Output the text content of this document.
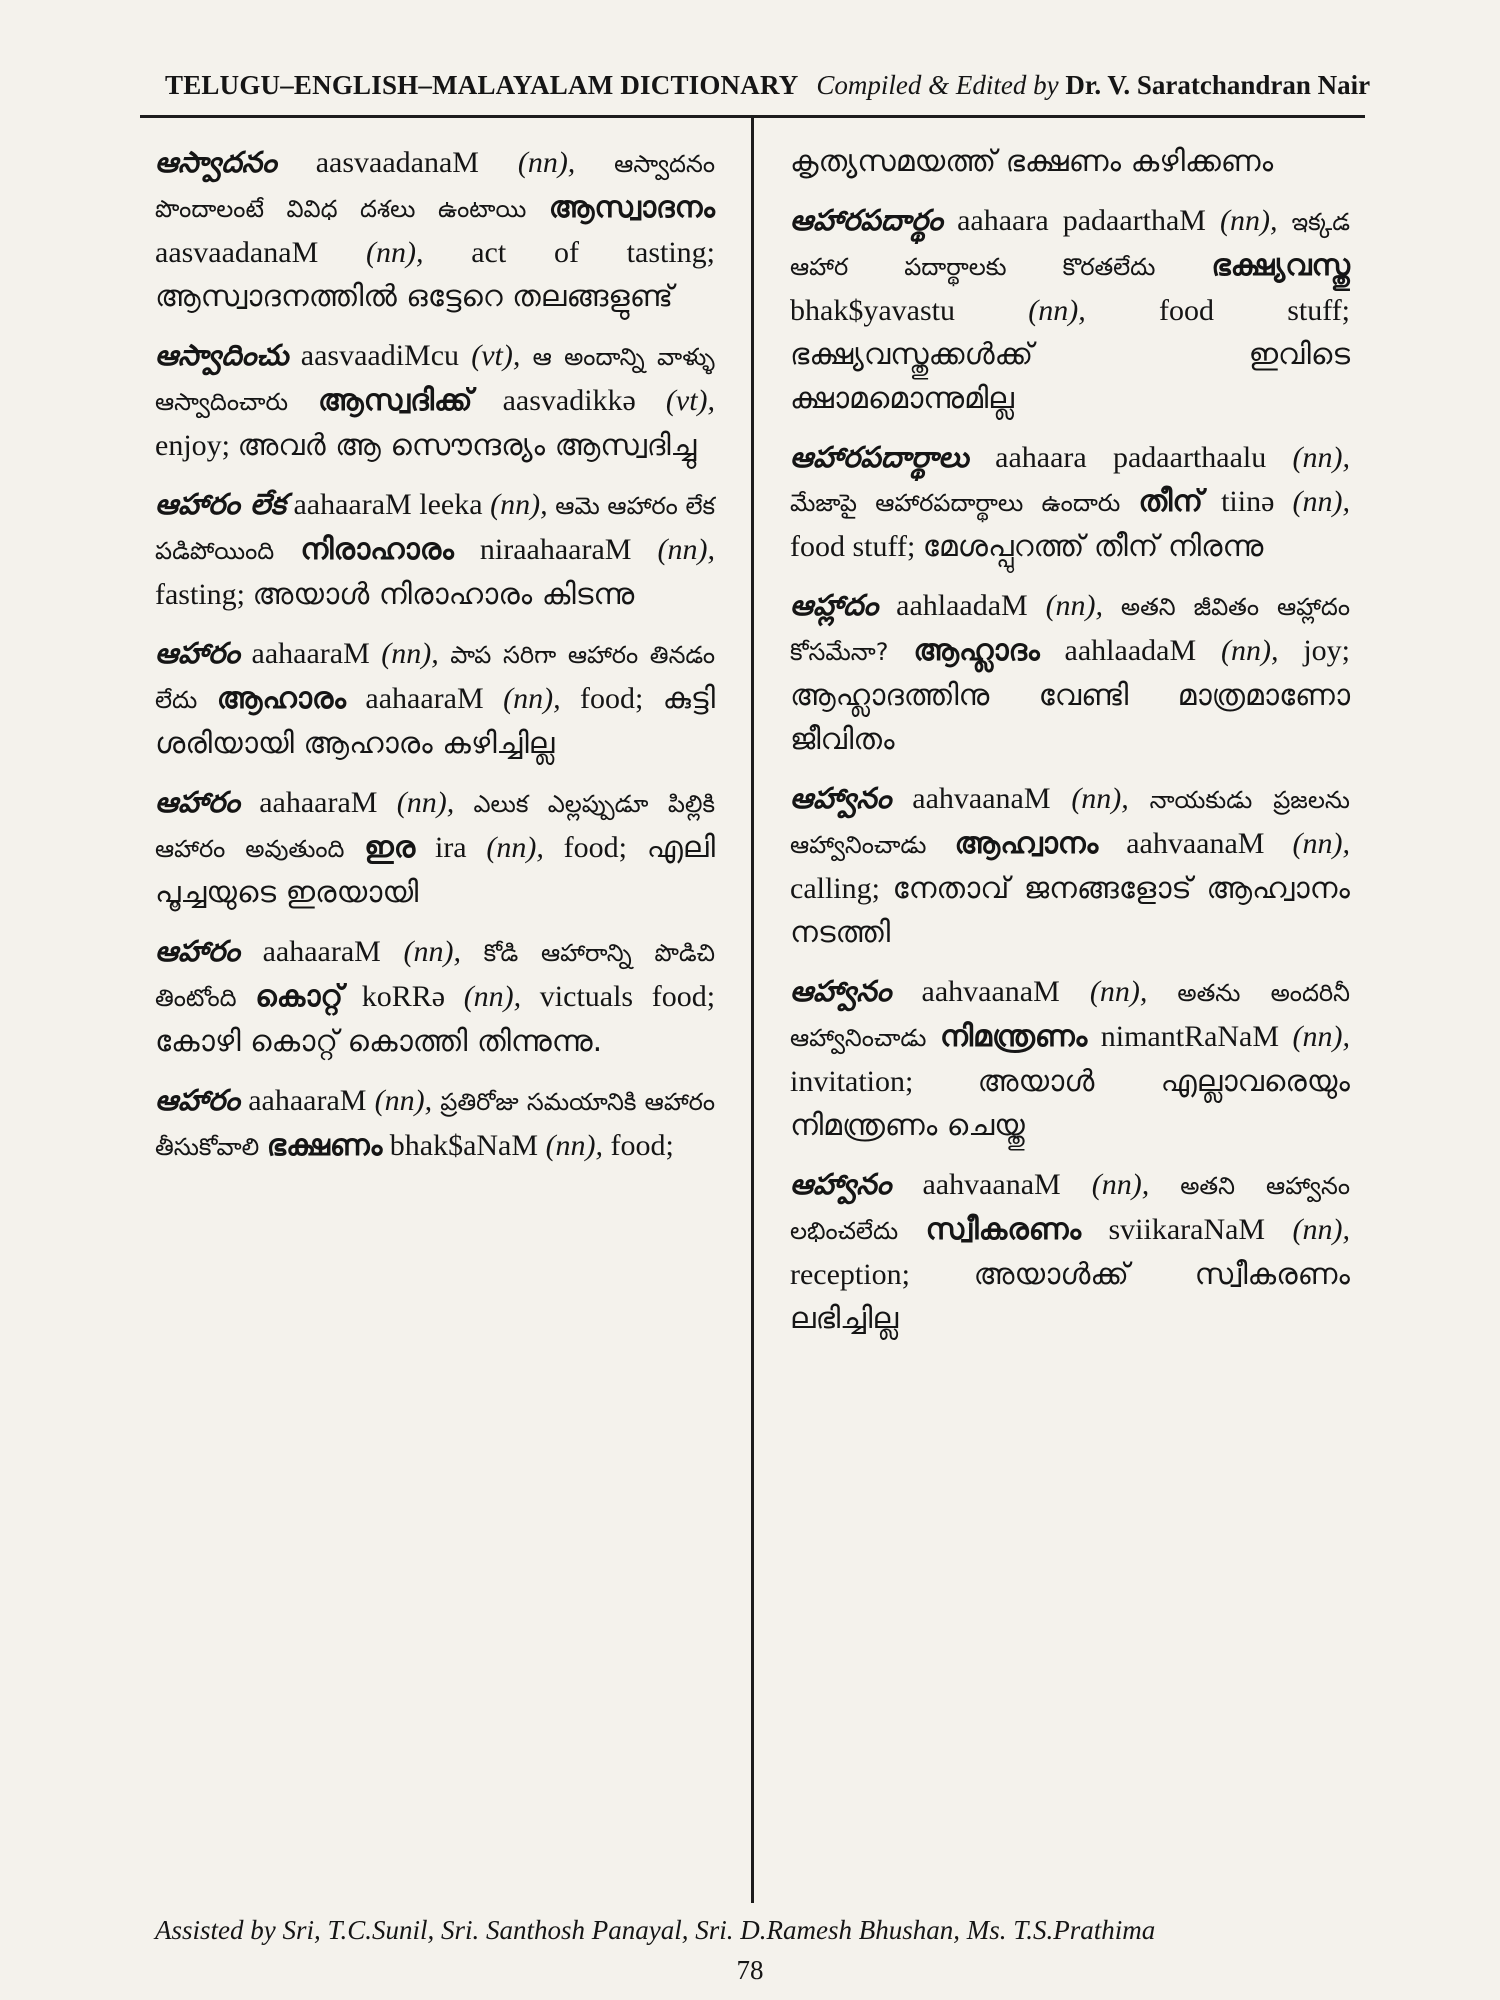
TELUGU–ENGLISH–MALAYALAM DICTIONARY Compiled & Edited by Dr. V. Saratchandran Nair
ఆస్వాదనం aasvaadanaM (nn), ఆస్వాదనం పొందాలంటే వివిధ దశలు ఉంటాయి ആസ്വാദനം aasvaadanaM (nn), act of tasting; ആസ്വാദനത്തിൽ ഒട്ടേറെ തലങ്ങളുണ്ട്
ఆస్వాదించు aasvaadiMcu (vt), ఆ అందాన్ని వాళ్ళు ఆస్వాదించారు ആസ്വദിക്ക് aasvadikkə (vt), enjoy; അവർ ആ സൌന്ദര്യം ആസ്വദിച്ചു
ఆహారం లేక aahaaraM leeka (nn), ఆమె ఆహారం లేక పడిపోయింది നിരാഹാരം niraahaaraM (nn), fasting; അയാൾ നിരാഹാരം കിടന്നു
ఆహారం aahaaraM (nn), పాప సరిగా ఆహారం తినడం లేదు ആഹാരം aahaaraM (nn), food; കുട്ടി ശരിയായി ആഹാരം കഴിച്ചില്ല
ఆహారం aahaaraM (nn), ఎలుక ఎల్లప్పుడూ పిల్లికి ఆహారం అవుతుంది ഇര ira (nn), food; എലി പൂച്ചയുടെ ഇരയായി
ఆహారం aahaaraM (nn), కోడి ఆహారాన్ని పొడిచి తింటోంది കൊറ്റ് koRRə (nn), victuals food; കോഴി കൊറ്റ് കൊത്തി തിന്നുന്നു.
ఆహారం aahaaraM (nn), ప్రతిరోజు సమయానికి ఆహారం తీసుకోవాలి ഭക്ഷണം bhak$aNaM (nn), food;
കൃത്യസമയത്ത് ഭക്ഷണം കഴിക്കണം
ఆహారపదార్థం aahaara padaarthaM (nn), ఇక్కడ ఆహార పదార్థాలకు కొరతలేదు ഭക്ഷ്യവസ്തു bhak$yavastu (nn), food stuff; ഭക്ഷ്യവസ്തുക്കൾക്ക് ഇവിടെ ക്ഷാമമൊന്നുമില്ല
ఆహారపదార్థాలు aahaara padaarthaalu (nn), మేజాపై ఆహారపదార్థాలు ఉందారు തീന് tiinə (nn), food stuff; മേശപ്പുറത്ത് തീന് നിരന്നു
ఆహ్లాదం aahlaadaM (nn), అతని జీవితం ఆహ్లాదం కోసమేనా? ആഹ്ലാദം aahlaadaM (nn), joy; ആഹ്ലാദത്തിനു വേണ്ടി മാത്രമാണോ ജീവിതം
ఆహ్వానం aahvaanaM (nn), నాయకుడు ప్రజలను ఆహ్వానించాడు ആഹ്വാനം aahvaanaM (nn), calling; നേതാവ് ജനങ്ങളോട് ആഹ്വാനം നടത്തി
ఆహ్వానం aahvaanaM (nn), అతను అందరినీ ఆహ్వానించాడు നിമന്ത്രണം nimantRaNaM (nn), invitation; അയാൾ എല്ലാവരെയും നിമന്ത്രണം ചെയ്തു
ఆహ్వానం aahvaanaM (nn), అతని ఆహ్వానం లభించలేదు സ്വീകരണം sviikaraNaM (nn), reception; അയാൾക്ക് സ്വീകരണം ലഭിച്ചില്ല
Assisted by Sri, T.C.Sunil, Sri. Santhosh Panayal, Sri. D.Ramesh Bhushan, Ms. T.S.Prathima
78
